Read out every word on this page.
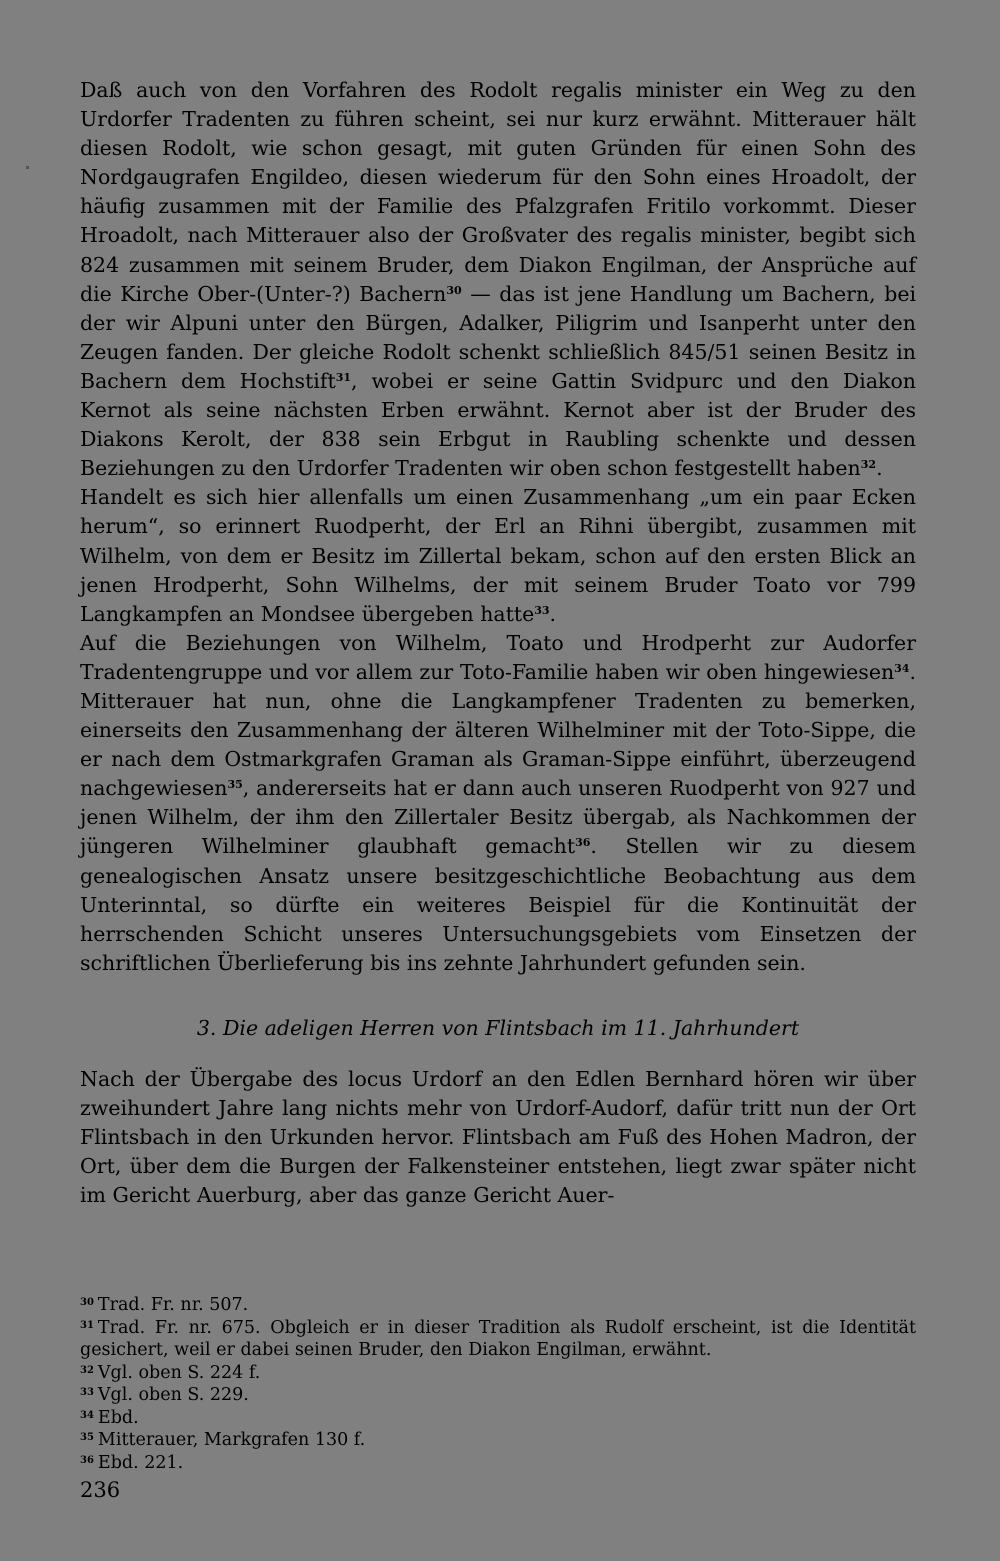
Daß auch von den Vorfahren des Rodolt regalis minister ein Weg zu den Urdorfer Tradenten zu führen scheint, sei nur kurz erwähnt. Mitterauer hält diesen Rodolt, wie schon gesagt, mit guten Gründen für einen Sohn des Nordgaugrafen Engildeo, diesen wiederum für den Sohn eines Hroadolt, der häufig zusammen mit der Familie des Pfalzgrafen Fritilo vorkommt. Dieser Hroadolt, nach Mitterauer also der Großvater des regalis minister, begibt sich 824 zusammen mit seinem Bruder, dem Diakon Engilman, der Ansprüche auf die Kirche Ober-(Unter-?) Bachern$^{30}$ — das ist jene Handlung um Bachern, bei der wir Alpuni unter den Bürgen, Adalker, Piligrim und Isanperht unter den Zeugen fanden. Der gleiche Rodolt schenkt schließlich 845/51 seinen Besitz in Bachern dem Hochstift$^{31}$, wobei er seine Gattin Svidpurc und den Diakon Kernot als seine nächsten Erben erwähnt. Kernot aber ist der Bruder des Diakons Kerolt, der 838 sein Erbgut in Raubling schenkte und dessen Beziehungen zu den Urdorfer Tradenten wir oben schon festgestellt haben$^{32}$.

Handelt es sich hier allenfalls um einen Zusammenhang „um ein paar Ecken herum“, so erinnert Ruodperht, der Erl an Rihni übergibt, zusammen mit Wilhelm, von dem er Besitz im Zillertal bekam, schon auf den ersten Blick an jenen Hrodperht, Sohn Wilhelms, der mit seinem Bruder Toato vor 799 Langkampfen an Mondsee übergeben hatte$^{33}$.

Auf die Beziehungen von Wilhelm, Toato und Hrodperht zur Audorfer Tradentengruppe und vor allem zur Toto-Familie haben wir oben hingewiesen$^{34}$. Mitterauer hat nun, ohne die Langkampfener Tradenten zu bemerken, einerseits den Zusammenhang der älteren Wilhelminer mit der Toto-Sippe, die er nach dem Ostmarkgrafen Graman als Graman-Sippe einführt, überzeugend nachgewiesen$^{35}$, andererseits hat er dann auch unseren Ruodperht von 927 und jenen Wilhelm, der ihm den Zillertaler Besitz übergab, als Nachkommen der jüngeren Wilhelminer glaubhaft gemacht$^{36}$. Stellen wir zu diesem genealogischen Ansatz unsere besitzgeschichtliche Beobachtung aus dem Unterinntal, so dürfte ein weiteres Beispiel für die Kontinuität der herrschenden Schicht unseres Untersuchungsgebiets vom Einsetzen der schriftlichen Überlieferung bis ins zehnte Jahrhundert gefunden sein.

3. Die adeligen Herren von Flintsbach im 11. Jahrhundert

Nach der Übergabe des locus Urdorf an den Edlen Bernhard hören wir über zweihundert Jahre lang nichts mehr von Urdorf-Audorf, dafür tritt nun der Ort Flintsbach in den Urkunden hervor. Flintsbach am Fuß des Hohen Madron, der Ort, über dem die Burgen der Falkensteiner entstehen, liegt zwar später nicht im Gericht Auerburg, aber das ganze Gericht Auer-

$^{30}$ Trad. Fr. nr. 507.

$^{31}$ Trad. Fr. nr. 675. Obgleich er in dieser Tradition als Rudolf erscheint, ist die Identität gesichert, weil er dabei seinen Bruder, den Diakon Engilman, erwähnt.

$^{32}$ Vgl. oben S. 224 f.

$^{33}$ Vgl. oben S. 229.

$^{34}$ Ebd.

$^{35}$ Mitterauer, Markgrafen 130 f.

$^{36}$ Ebd. 221.

236
